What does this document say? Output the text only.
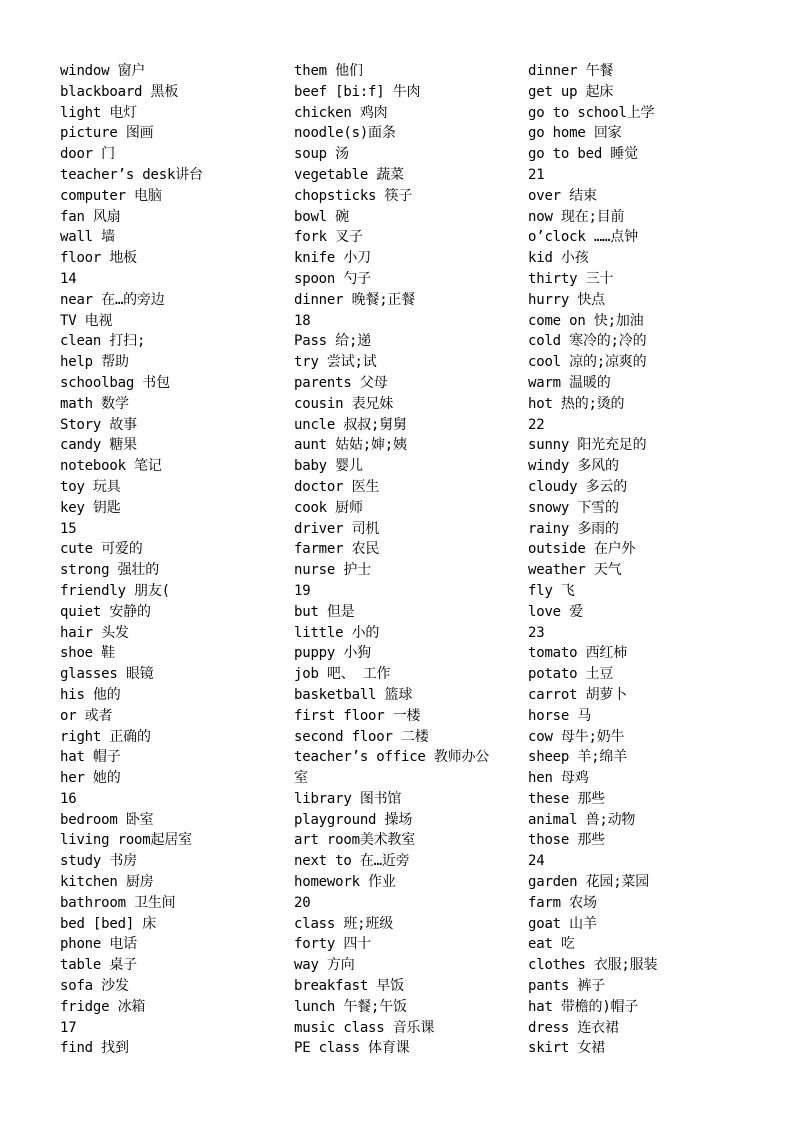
window 窗户
blackboard 黑板
light 电灯
picture 图画
door 门
teacher’s desk讲台
computer 电脑
fan 风扇
wall 墙
floor 地板
14
near 在…的旁边
TV 电视
clean 打扫;
help 帮助
schoolbag 书包
math 数学
Story 故事
candy 糖果
notebook 笔记
toy 玩具
key 钥匙
15
cute 可爱的
strong 强壮的
friendly 朋友(
quiet 安静的
hair 头发
shoe 鞋
glasses 眼镜
his 他的
or 或者
right 正确的
hat 帽子
her 她的
16
bedroom 卧室
living room起居室
study 书房
kitchen 厨房
bathroom 卫生间
bed [bed] 床
phone 电话
table 桌子
sofa 沙发
fridge 冰箱
17
find 找到
them 他们
beef [bi:f] 牛肉
chicken 鸡肉
noodle(s)面条
soup 汤
vegetable 蔬菜
chopsticks 筷子
bowl 碗
fork 叉子
knife 小刀
spoon 勺子
dinner 晚餐;正餐
18
Pass 给;递
try 尝试;试
parents 父母
cousin 表兄妹
uncle 叔叔;舅舅
aunt 姑姑;婶;姨
baby 婴儿
doctor 医生
cook 厨师
driver 司机
farmer 农民
nurse 护士
19
but 但是
little 小的
puppy 小狗
job 吧、 工作
basketball 篮球
first floor 一楼
second floor 二楼
teacher’s office 教师办公
室
library 图书馆
playground 操场
art room美术教室
next to 在…近旁
homework 作业
20
class 班;班级
forty 四十
way 方向
breakfast 早饭
lunch 午餐;午饭
music class 音乐课
PE class 体育课
dinner 午餐
get up 起床
go to school上学
go home 回家
go to bed 睡觉
21
over 结束
now 现在;目前
o’clock ……点钟
kid 小孩
thirty 三十
hurry 快点
come on 快;加油
cold 寒冷的;冷的
cool 凉的;凉爽的
warm 温暖的
hot 热的;烫的
22
sunny 阳光充足的
windy 多风的
cloudy 多云的
snowy 下雪的
rainy 多雨的
outside 在户外
weather 天气
fly 飞
love 爱
23
tomato 西红柿
potato 土豆
carrot 胡萝卜
horse 马
cow 母牛;奶牛
sheep 羊;绵羊
hen 母鸡
these 那些
animal 兽;动物
those 那些
24
garden 花园;菜园
farm 农场
goat 山羊
eat 吃
clothes 衣服;服装
pants 裤子
hat 带檐的)帽子
dress 连衣裙
skirt 女裙
